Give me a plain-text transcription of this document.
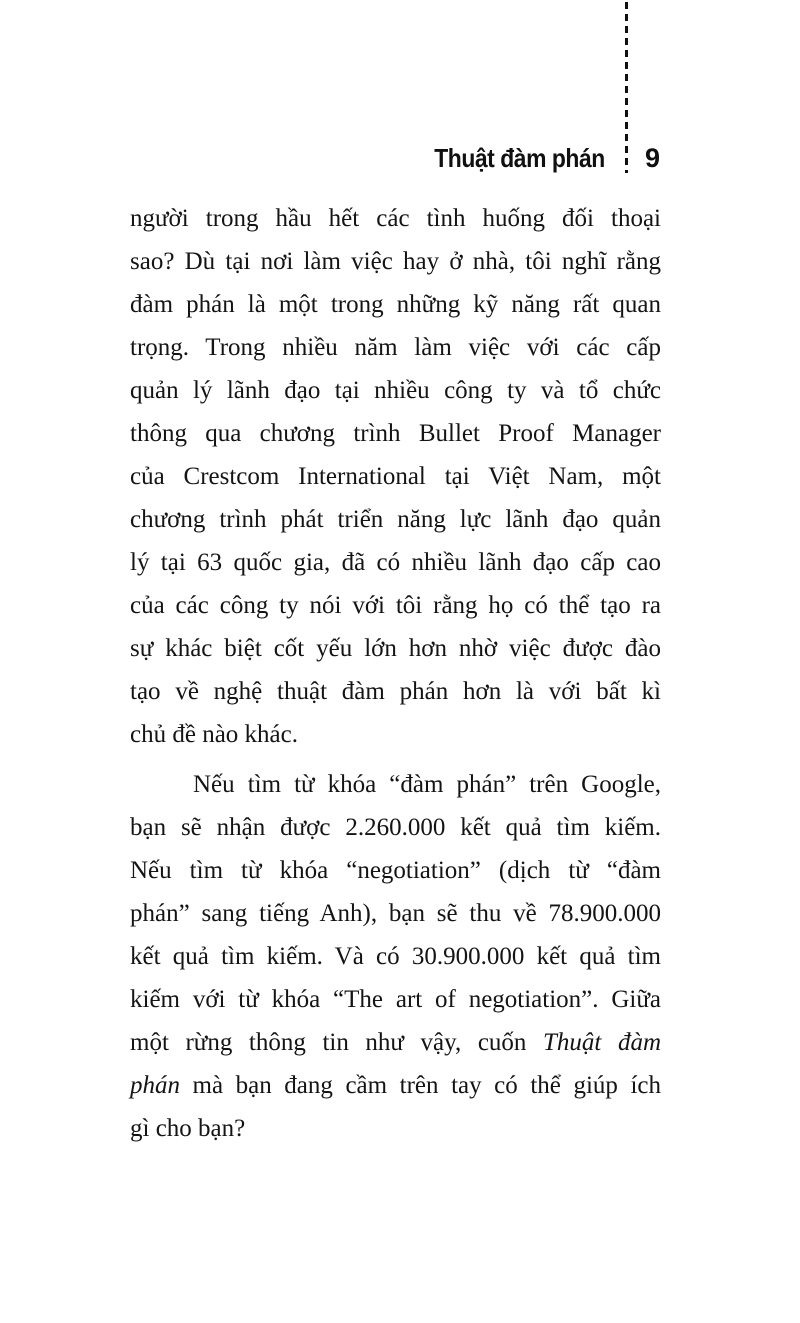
Thuật đàm phán 9
người trong hầu hết các tình huống đối thoại
sao? Dù tại nơi làm việc hay ở nhà, tôi nghĩ rằng
đàm phán là một trong những kỹ năng rất quan
trọng. Trong nhiều năm làm việc với các cấp
quản lý lãnh đạo tại nhiều công ty và tổ chức
thông qua chương trình Bullet Proof Manager
của Crestcom International tại Việt Nam, một
chương trình phát triển năng lực lãnh đạo quản
lý tại 63 quốc gia, đã có nhiều lãnh đạo cấp cao
của các công ty nói với tôi rằng họ có thể tạo ra
sự khác biệt cốt yếu lớn hơn nhờ việc được đào
tạo về nghệ thuật đàm phán hơn là với bất kì
chủ đề nào khác.
Nếu tìm từ khóa “đàm phán” trên Google,
bạn sẽ nhận được 2.260.000 kết quả tìm kiếm.
Nếu tìm từ khóa “negotiation” (dịch từ “đàm
phán” sang tiếng Anh), bạn sẽ thu về 78.900.000
kết quả tìm kiếm. Và có 30.900.000 kết quả tìm
kiếm với từ khóa “The art of negotiation”. Giữa
một rừng thông tin như vậy, cuốn Thuật đàm
phán mà bạn đang cầm trên tay có thể giúp ích
gì cho bạn?
